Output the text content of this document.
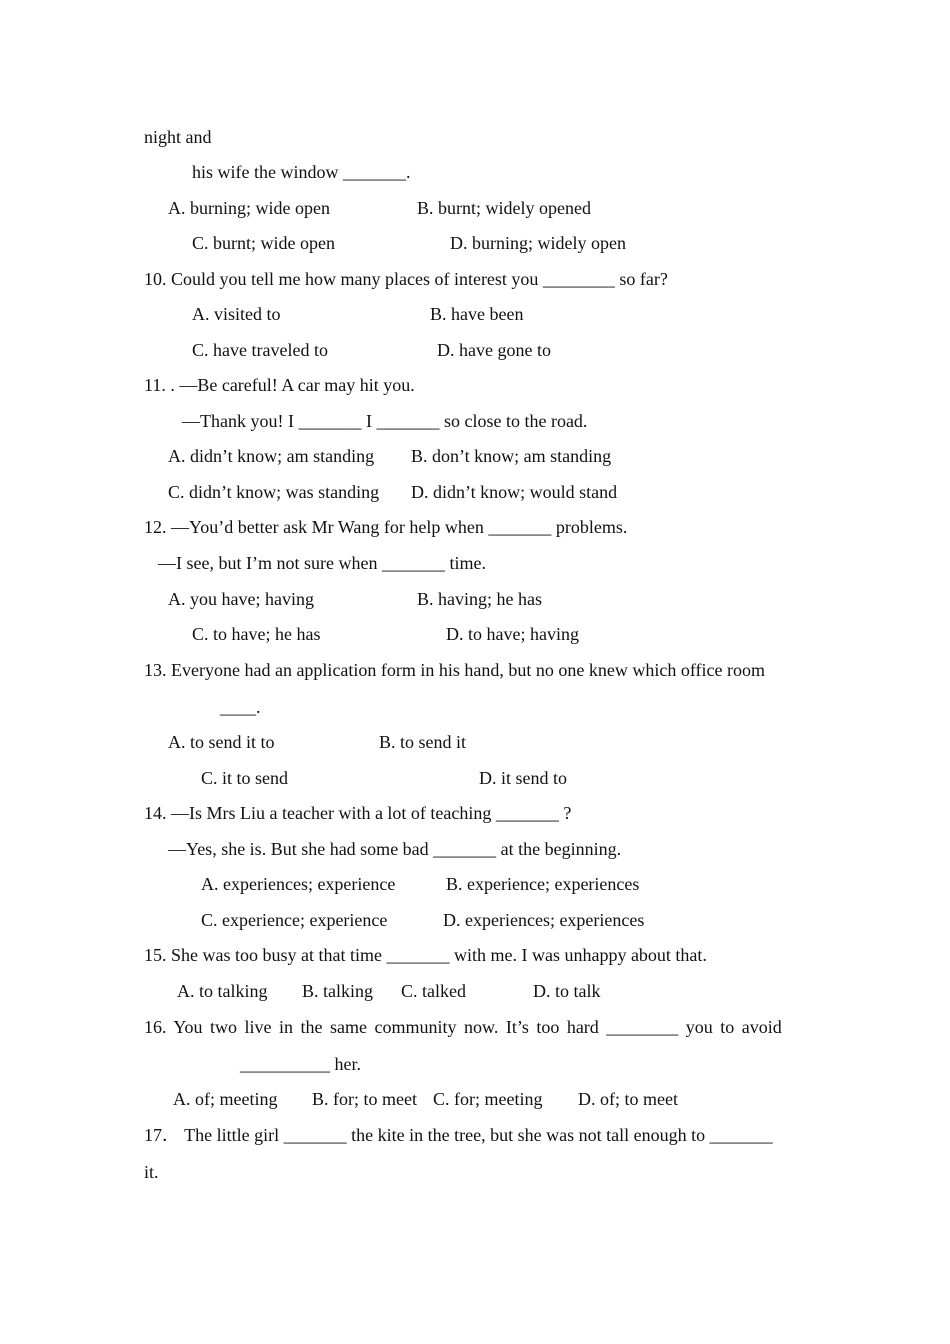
night and
his wife the window _______.
A. burning; wide open	B. burnt; widely opened
C. burnt; wide open	D. burning; widely open
10. Could you tell me how many places of interest you ________ so far?
A. visited to	B. have been
C. have traveled to	D. have gone to
11. . —Be careful! A car may hit you.
—Thank you! I _______ I _______ so close to the road.
A. didn’t know; am standing B. don’t know; am standing
C. didn’t know; was standing D. didn’t know; would stand
12. —You’d better ask Mr Wang for help when _______ problems.
—I see, but I’m not sure when _______ time.
A. you have; having	B. having; he has
C. to have; he has	D. to have; having
13. Everyone had an application form in his hand, but no one knew which office room
____.
A. to send it to	B. to send it
C. it to send	D. it send to
14. —Is Mrs Liu a teacher with a lot of teaching _______ ?
—Yes, she is. But she had some bad _______ at the beginning.
A. experiences; experience	B. experience; experiences
C. experience; experience	D. experiences; experiences
15. She was too busy at that time _______ with me. I was unhappy about that.
A. to talking B. talking C. talked	D. to talk
16. You two live in the same community now. It’s too hard ________ you to avoid
__________ her.
A. of; meeting B. for; to meet C. for; meeting D. of; to meet
17． The little girl _______ the kite in the tree, but she was not tall enough to _______
it.
